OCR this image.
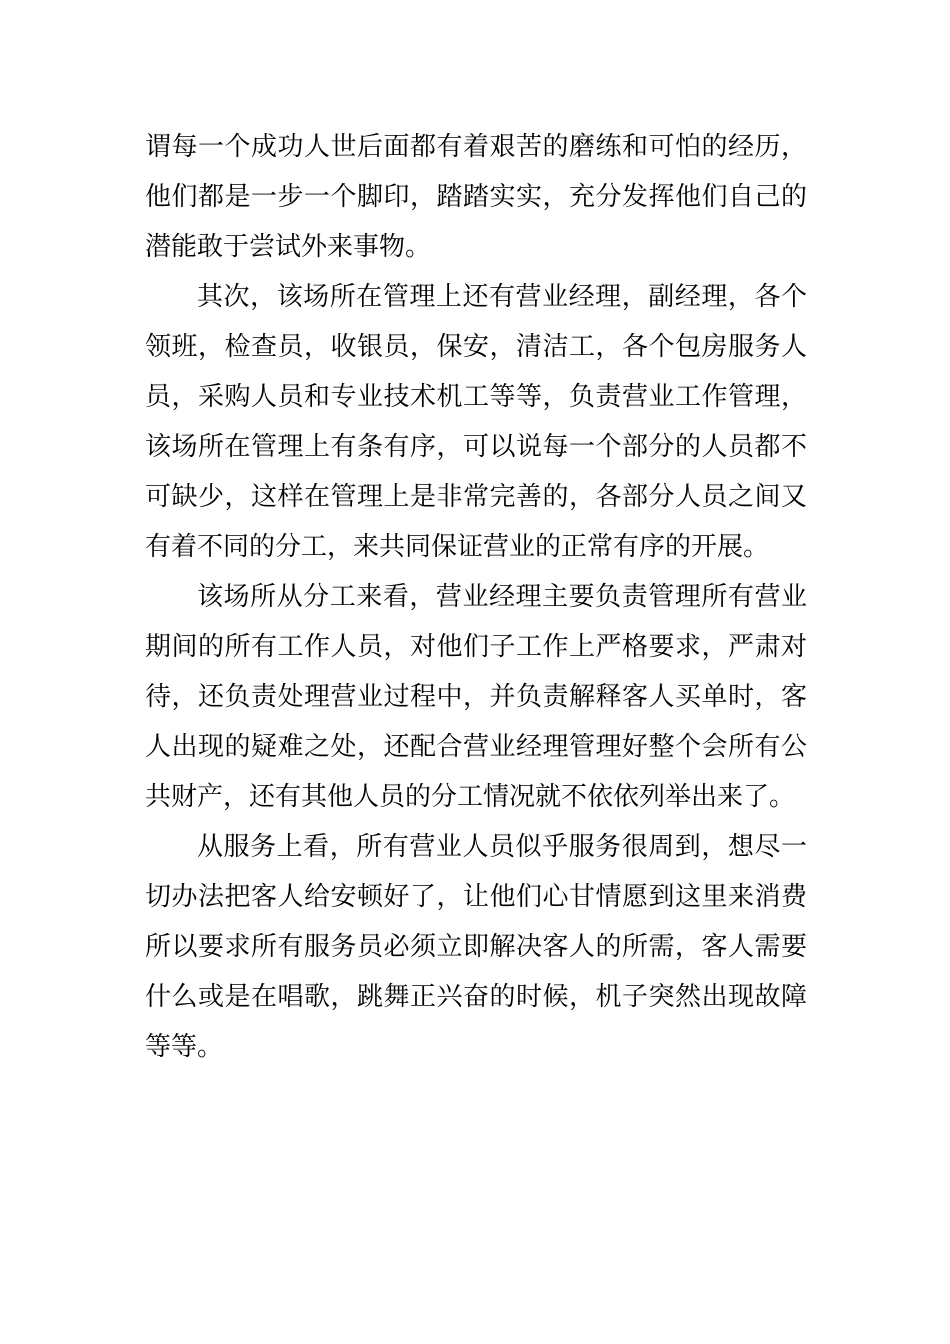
谓每一个成功人世后面都有着艰苦的磨练和可怕的经历，他们都是一步一个脚印，踏踏实实，充分发挥他们自己的潜能敢于尝试外来事物。

其次，该场所在管理上还有营业经理，副经理，各个领班，检查员，收银员，保安，清洁工，各个包房服务人员，采购人员和专业技术机工等等，负责营业工作管理，该场所在管理上有条有序，可以说每一个部分的人员都不可缺少，这样在管理上是非常完善的，各部分人员之间又有着不同的分工，来共同保证营业的正常有序的开展。

该场所从分工来看，营业经理主要负责管理所有营业期间的所有工作人员，对他们子工作上严格要求，严肃对待，还负责处理营业过程中，并负责解释客人买单时，客人出现的疑难之处，还配合营业经理管理好整个会所有公共财产，还有其他人员的分工情况就不依依列举出来了。

从服务上看，所有营业人员似乎服务很周到，想尽一切办法把客人给安顿好了，让他们心甘情愿到这里来消费所以要求所有服务员必须立即解决客人的所需，客人需要什么或是在唱歌，跳舞正兴奋的时候，机子突然出现故障等等。
